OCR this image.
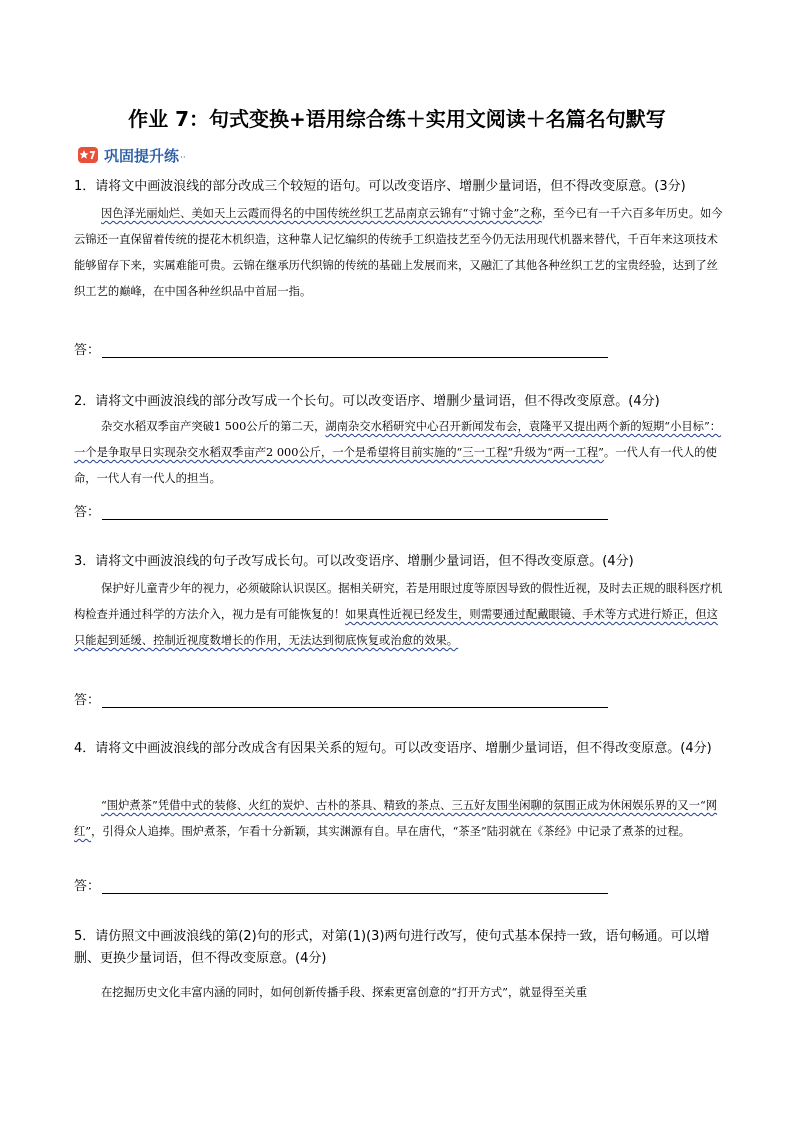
作业 7：句式变换+语用综合练＋实用文阅读＋名篇名句默写
巩固提升练 ··
1．请将文中画波浪线的部分改成三个较短的语句。可以改变语序、增删少量词语，但不得改变原意。(3分)
因色泽光丽灿烂、美如天上云霞而得名的中国传统丝织工艺品南京云锦有“寸锦寸金”之称，至今已有一千六百多年历史。如今云锦还一直保留着传统的提花木机织造，这种靠人记忆编织的传统手工织造技艺至今仍无法用现代机器来替代，千百年来这项技术能够留存下来，实属难能可贵。云锦在继承历代织锦的传统的基础上发展而来，又融汇了其他各种丝织工艺的宝贵经验，达到了丝织工艺的巅峰，在中国各种丝织品中首屈一指。
答：
2．请将文中画波浪线的部分改写成一个长句。可以改变语序、增删少量词语，但不得改变原意。(4分)
杂交水稻双季亩产突破1 500公斤的第二天，湖南杂交水稻研究中心召开新闻发布会，袁隆平又提出两个新的短期“小目标”：一个是争取早日实现杂交水稻双季亩产2 000公斤，一个是希望将目前实施的“三一工程”升级为“两一工程”。一代人有一代人的使命，一代人有一代人的担当。
答：
3．请将文中画波浪线的句子改写成长句。可以改变语序、增删少量词语，但不得改变原意。(4分)
保护好儿童青少年的视力，必须破除认识误区。据相关研究，若是用眼过度等原因导致的假性近视，及时去正规的眼科医疗机构检查并通过科学的方法介入，视力是有可能恢复的！如果真性近视已经发生，则需要通过配戴眼镜、手术等方式进行矫正，但这只能起到延缓、控制近视度数增长的作用，无法达到彻底恢复或治愈的效果。
答：
4．请将文中画波浪线的部分改成含有因果关系的短句。可以改变语序、增删少量词语，但不得改变原意。(4分)
“围炉煮茶”凭借中式的装修、火红的炭炉、古朴的茶具、精致的茶点、三五好友围坐闲聊的氛围正成为休闲娱乐界的又一“网红”，引得众人追捧。围炉煮茶，乍看十分新颖，其实渊源有自。早在唐代，“茶圣”陆羽就在《茶经》中记录了煮茶的过程。
答：
5．请仿照文中画波浪线的第(2)句的形式，对第(1)(3)两句进行改写，使句式基本保持一致，语句畅通。可以增删、更换少量词语，但不得改变原意。(4分)
在挖掘历史文化丰富内涵的同时，如何创新传播手段、探索更富创意的“打开方式”，就显得至关重
